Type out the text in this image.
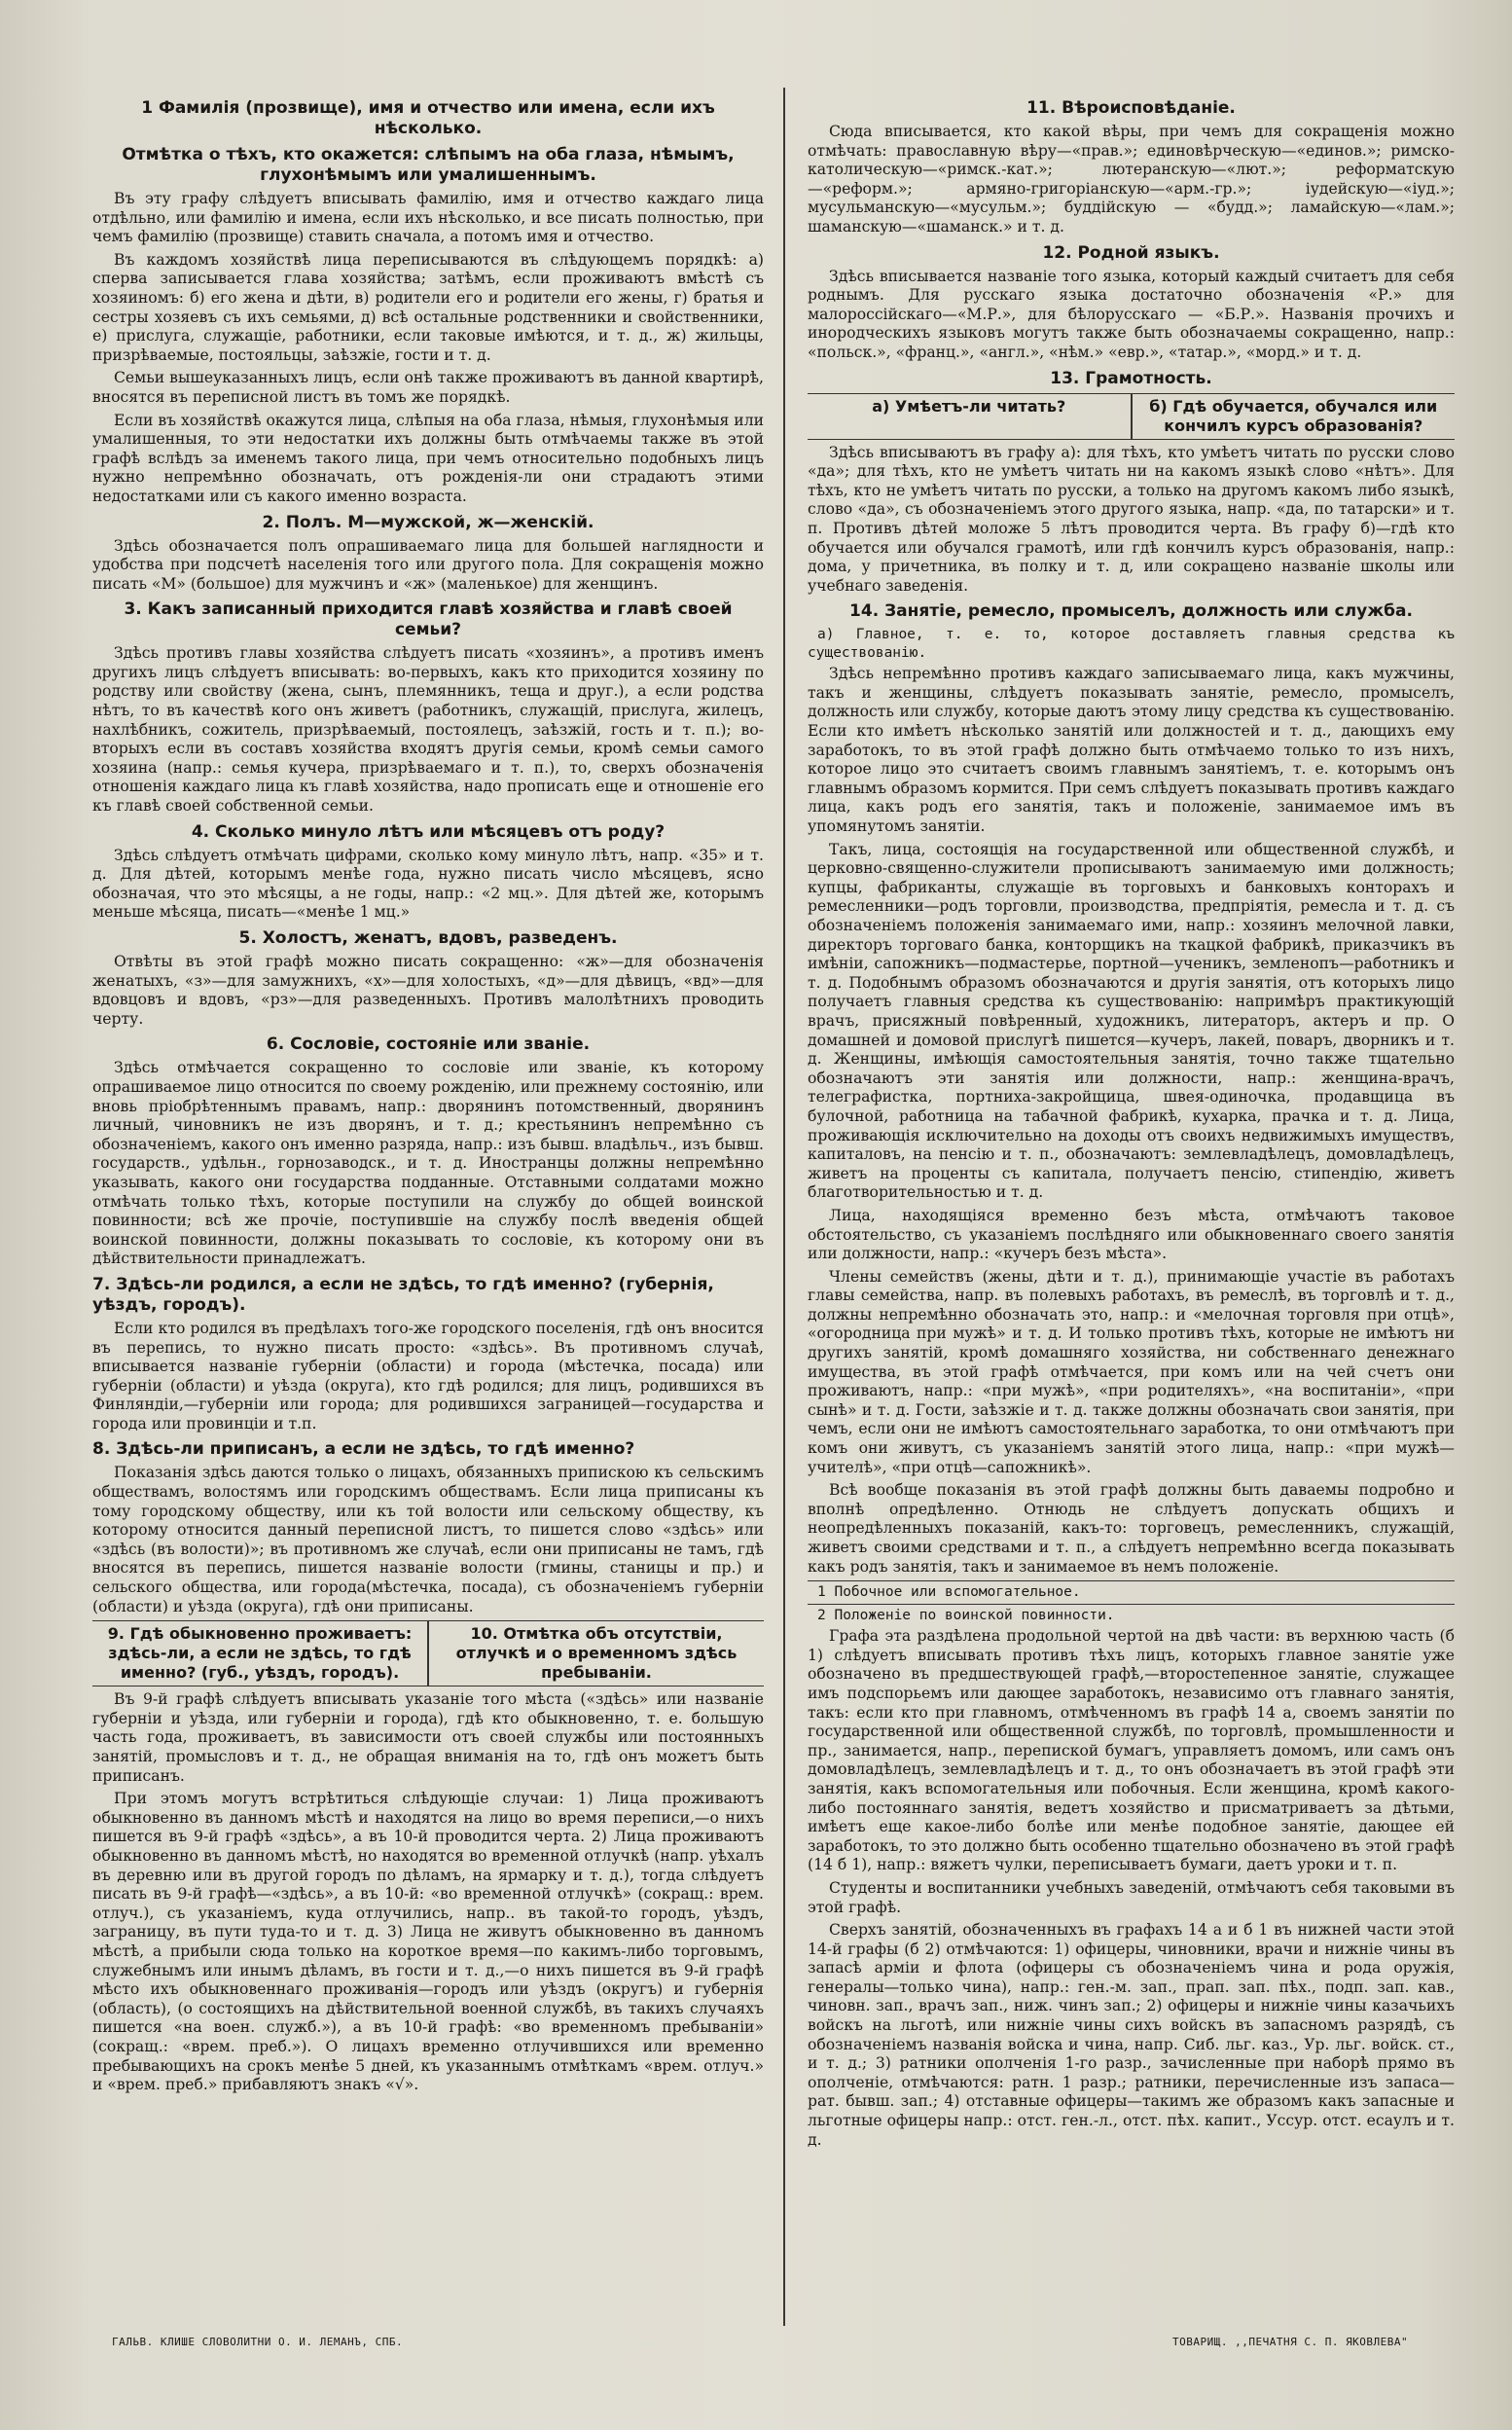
1 Фамилія (прозвище), имя и отчество или имена, если ихъ нѣсколько.
Отмѣтка о тѣхъ, кто окажется: слѣпымъ на оба глаза, нѣмымъ, глухонѣмымъ или умалишеннымъ.

Въ эту графу слѣдуетъ вписывать фамилію, имя и отчество каждаго лица отдѣльно, или фамилію и имена, если ихъ нѣсколько, и все писать полностью, при чемъ фамилію (прозвище) ставить сначала, а потомъ имя и отчество.

Въ каждомъ хозяйствѣ лица переписываются въ слѣдующемъ порядкѣ: а) сперва записывается глава хозяйства; затѣмъ, если проживаютъ вмѣстѣ съ хозяиномъ: б) его жена и дѣти, в) родители его и родители его жены, г) братья и сестры хозяевъ съ ихъ семьями, д) всѣ остальные родственники и свойственники, е) прислуга, служащіе, работники, если таковые имѣются, и т. д., ж) жильцы, призрѣваемые, постояльцы, заѣзжіе, гости и т. д.

Семьи вышеуказанныхъ лицъ, если онѣ также проживаютъ въ данной квартирѣ, вносятся въ переписной листъ въ томъ же порядкѣ.

Если въ хозяйствѣ окажутся лица, слѣпыя на оба глаза, нѣмыя, глухонѣмыя или умалишенныя, то эти недостатки ихъ должны быть отмѣчаемы также въ этой графѣ вслѣдъ за именемъ такого лица, при чемъ относительно подобныхъ лицъ нужно непремѣнно обозначать, отъ рожденія-ли они страдаютъ этими недостатками или съ какого именно возраста.

2. Полъ. М—мужской, ж—женскій.

Здѣсь обозначается полъ опрашиваемаго лица для большей наглядности и удобства при подсчетѣ населенія того или другого пола. Для сокращенія можно писать «М» (большое) для мужчинъ и «ж» (маленькое) для женщинъ.

3. Какъ записанный приходится главѣ хозяйства и главѣ своей семьи?

Здѣсь противъ главы хозяйства слѣдуетъ писать «хозяинъ», а противъ именъ другихъ лицъ слѣдуетъ вписывать: во-первыхъ, какъ кто приходится хозяину по родству или свойству (жена, сынъ, племянникъ, теща и друг.), а если родства нѣтъ, то въ качествѣ кого онъ живетъ (работникъ, служащій, прислуга, жилецъ, нахлѣбникъ, сожитель, призрѣваемый, постоялецъ, заѣзжій, гость и т. п.); во-вторыхъ если въ составъ хозяйства входятъ другія семьи, кромѣ семьи самого хозяина (напр.: семья кучера, призрѣваемаго и т. п.), то, сверхъ обозначенія отношенія каждаго лица къ главѣ хозяйства, надо прописать еще и отношеніе его къ главѣ своей собственной семьи.

4. Сколько минуло лѣтъ или мѣсяцевъ отъ роду?

Здѣсь слѣдуетъ отмѣчать цифрами, сколько кому минуло лѣтъ, напр. «35» и т. д. Для дѣтей, которымъ менѣе года, нужно писать число мѣсяцевъ, ясно обозначая, что это мѣсяцы, а не годы, напр.: «2 мц.». Для дѣтей же, которымъ меньше мѣсяца, писать—«менѣе 1 мц.»

5. Холостъ, женатъ, вдовъ, разведенъ.

Отвѣты въ этой графѣ можно писать сокращенно: «ж»—для обозначенія женатыхъ, «з»—для замужнихъ, «х»—для холостыхъ, «д»—для дѣвицъ, «вд»—для вдовцовъ и вдовъ, «рз»—для разведенныхъ. Противъ малолѣтнихъ проводить черту.

6. Сословіе, состояніе или званіе.

Здѣсь отмѣчается сокращенно то сословіе или званіе, къ которому опрашиваемое лицо относится по своему рожденію, или прежнему состоянію, или вновь пріобрѣтеннымъ правамъ, напр.: дворянинъ потомственный, дворянинъ личный, чиновникъ не изъ дворянъ, и т. д.; крестьянинъ непремѣнно съ обозначеніемъ, какого онъ именно разряда, напр.: изъ бывш. владѣльч., изъ бывш. государств., удѣльн., горнозаводск., и т. д. Иностранцы должны непремѣнно указывать, какого они государства подданные. Отставными солдатами можно отмѣчать только тѣхъ, которые поступили на службу до общей воинской повинности; всѣ же прочіе, поступившіе на службу послѣ введенія общей воинской повинности, должны показывать то сословіе, къ которому они въ дѣйствительности принадлежатъ.

7. Здѣсь-ли родился, а если не здѣсь, то гдѣ именно? (губернія, уѣздъ, городъ).

Если кто родился въ предѣлахъ того-же городского поселенія, гдѣ онъ вносится въ перепись, то нужно писать просто: «здѣсь». Въ противномъ случаѣ, вписывается названіе губерніи (области) и города (мѣстечка, посада) или губерніи (области) и уѣзда (округа), кто гдѣ родился; для лицъ, родившихся въ Финляндіи,—губерніи или города; для родившихся заграницей—государства и города или провинціи и т.п.

8. Здѣсь-ли приписанъ, а если не здѣсь, то гдѣ именно?

Показанія здѣсь даются только о лицахъ, обязанныхъ припискою къ сельскимъ обществамъ, волостямъ или городскимъ обществамъ. Если лица приписаны къ тому городскому обществу, или къ той волости или сельскому обществу, къ которому относится данный переписной листъ, то пишется слово «здѣсь» или «здѣсь (въ волости)»; въ противномъ же случаѣ, если они приписаны не тамъ, гдѣ вносятся въ перепись, пишется названіе волости (гмины, станицы и пр.) и сельского общества, или города(мѣстечка, посада), съ обозначеніемъ губерніи (области) и уѣзда (округа), гдѣ они приписаны.

9. Гдѣ обыкновенно проживаетъ: здѣсь-ли, а если не здѣсь, то гдѣ именно? (губ., уѣздъ, городъ).
10. Отмѣтка объ отсутствіи, отлучкѣ и о временномъ здѣсь пребываніи.

Въ 9-й графѣ слѣдуетъ вписывать указаніе того мѣста («здѣсь» или названіе губерніи и уѣзда, или губерніи и города), гдѣ кто обыкновенно, т. е. большую часть года, проживаетъ, въ зависимости отъ своей службы или постоянныхъ занятій, промысловъ и т. д., не обращая вниманія на то, гдѣ онъ можетъ быть приписанъ.

При этомъ могутъ встрѣтиться слѣдующіе случаи: 1) Лица проживаютъ обыкновенно въ данномъ мѣстѣ и находятся на лицо во время переписи,—о нихъ пишется въ 9-й графѣ «здѣсь», а въ 10-й проводится черта. 2) Лица проживаютъ обыкновенно въ данномъ мѣстѣ, но находятся во временной отлучкѣ (напр. уѣхалъ въ деревню или въ другой городъ по дѣламъ, на ярмарку и т. д.), тогда слѣдуетъ писать въ 9-й графѣ—«здѣсь», а въ 10-й: «во временной отлучкѣ» (сокращ.: врем. отлуч.), съ указаніемъ, куда отлучились, напр.. въ такой-то городъ, уѣздъ, заграницу, въ пути туда-то и т. д. 3) Лица не живутъ обыкновенно въ данномъ мѣстѣ, а прибыли сюда только на короткое время—по какимъ-либо торговымъ, служебнымъ или инымъ дѣламъ, въ гости и т. д.,—о нихъ пишется въ 9-й графѣ мѣсто ихъ обыкновеннаго проживанія—городъ или уѣздъ (округъ) и губернія (область), (о состоящихъ на дѣйствительной военной службѣ, въ такихъ случаяхъ пишется «на воен. служб.»), а въ 10-й графѣ: «во временномъ пребываніи» (сокращ.: «врем. преб.»). О лицахъ временно отлучившихся или временно пребывающихъ на срокъ менѣе 5 дней, къ указаннымъ отмѣткамъ «врем. отлуч.» и «врем. преб.» прибавляютъ знакъ «√».

11. Вѣроисповѣданіе.

Сюда вписывается, кто какой вѣры, при чемъ для сокращенія можно отмѣчать: православную вѣру—«прав.»; единовѣрческую—«единов.»; римско-католическую—«римск.-кат.»; лютеранскую—«лют.»; реформатскую—«реформ.»; армяно-григоріанскую—«арм.-гр.»; іудейскую—«іуд.»; мусульманскую—«мусульм.»; буддійскую — «будд.»; ламайскую—«лам.»; шаманскую—«шаманск.» и т. д.

12. Родной языкъ.

Здѣсь вписывается названіе того языка, который каждый считаетъ для себя роднымъ. Для русскаго языка достаточно обозначенія «Р.» для малороссійскаго—«М.Р.», для бѣлорусскаго — «Б.Р.». Названія прочихъ и инородческихъ языковъ могутъ также быть обозначаемы сокращенно, напр.: «польск.», «франц.», «англ.», «нѣм.» «евр.», «татар.», «морд.» и т. д.

13. Грамотность.
а) Умѣетъ-ли читать?	б) Гдѣ обучается, обучался или кончилъ курсъ образованія?

Здѣсь вписываютъ въ графу а): для тѣхъ, кто умѣетъ читать по русски слово «да»; для тѣхъ, кто не умѣетъ читать ни на какомъ языкѣ слово «нѣтъ». Для тѣхъ, кто не умѣетъ читать по русски, а только на другомъ какомъ либо языкѣ, слово «да», съ обозначеніемъ этого другого языка, напр. «да, по татарски» и т. п. Противъ дѣтей моложе 5 лѣтъ проводится черта. Въ графу б)—гдѣ кто обучается или обучался грамотѣ, или гдѣ кончилъ курсъ образованія, напр.: дома, у причетника, въ полку и т. д, или сокращено названіе школы или учебнаго заведенія.

14. Занятіе, ремесло, промыселъ, должность или служба.
а) Главное, т. е. то, которое доставляетъ главныя средства къ существованію.

Здѣсь непремѣнно противъ каждаго записываемаго лица, какъ мужчины, такъ и женщины, слѣдуетъ показывать занятіе, ремесло, промыселъ, должность или службу, которые даютъ этому лицу средства къ существованію. Если кто имѣетъ нѣсколько занятій или должностей и т. д., дающихъ ему заработокъ, то въ этой графѣ должно быть отмѣчаемо только то изъ нихъ, которое лицо это считаетъ своимъ главнымъ занятіемъ, т. е. которымъ онъ главнымъ образомъ кормится. При семъ слѣдуетъ показывать противъ каждаго лица, какъ родъ его занятія, такъ и положеніе, занимаемое имъ въ упомянутомъ занятіи.

Такъ, лица, состоящія на государственной или общественной службѣ, и церковно-священно-служители прописываютъ занимаемую ими должность; купцы, фабриканты, служащіе въ торговыхъ и банковыхъ конторахъ и ремесленники—родъ торговли, производства, предпріятія, ремесла и т. д. съ обозначеніемъ положенія занимаемаго ими, напр.: хозяинъ мелочной лавки, директоръ торговаго банка, конторщикъ на ткацкой фабрикѣ, приказчикъ въ имѣніи, сапожникъ—подмастерье, портной—ученикъ, земленопъ—работникъ и т. д. Подобнымъ образомъ обозначаются и другія занятія, отъ которыхъ лицо получаетъ главныя средства къ существованію: напримѣръ практикующій врачъ, присяжный повѣренный, художникъ, литераторъ, актеръ и пр. О домашней и домовой прислугѣ пишется—кучеръ, лакей, поваръ, дворникъ и т. д. Женщины, имѣющія самостоятельныя занятія, точно также тщательно обозначаютъ эти занятія или должности, напр.: женщина-врачъ, телеграфистка, портниха-закройщица, швея-одиночка, продавщица въ булочной, работница на табачной фабрикѣ, кухарка, прачка и т. д. Лица, проживающія исключительно на доходы отъ своихъ недвижимыхъ имуществъ, капиталовъ, на пенсію и т. п., обозначаютъ: землевладѣлецъ, домовладѣлецъ, живетъ на проценты съ капитала, получаетъ пенсію, стипендію, живетъ благотворительностью и т. д.

Лица, находящіяся временно безъ мѣста, отмѣчаютъ таковое обстоятельство, съ указаніемъ послѣдняго или обыкновеннаго своего занятія или должности, напр.: «кучеръ безъ мѣста».

Члены семействъ (жены, дѣти и т. д.), принимающіе участіе въ работахъ главы семейства, напр. въ полевыхъ работахъ, въ ремеслѣ, въ торговлѣ и т. д., должны непремѣнно обозначать это, напр.: и «мелочная торговля при отцѣ», «огородница при мужѣ» и т. д. И только противъ тѣхъ, которые не имѣютъ ни другихъ занятій, кромѣ домашняго хозяйства, ни собственнаго денежнаго имущества, въ этой графѣ отмѣчается, при комъ или на чей счетъ они проживаютъ, напр.: «при мужѣ», «при родителяхъ», «на воспитаніи», «при сынѣ» и т. д. Гости, заѣзжіе и т. д. также должны обозначать свои занятія, при чемъ, если они не имѣютъ самостоятельнаго заработка, то они отмѣчаютъ при комъ они живутъ, съ указаніемъ занятій этого лица, напр.: «при мужѣ—учителѣ», «при отцѣ—сапожникѣ».

Всѣ вообще показанія въ этой графѣ должны быть даваемы подробно и вполнѣ опредѣленно. Отнюдь не слѣдуетъ допускать общихъ и неопредѣленныхъ показаній, какъ-то: торговецъ, ремесленникъ, служащій, живетъ своими средствами и т. п., а слѣдуетъ непремѣнно всегда показывать какъ родъ занятія, такъ и занимаемое въ немъ положеніе.

1 Побочное или вспомогательное.
2 Положеніе по воинской повинности.

Графа эта раздѣлена продольной чертой на двѣ части: въ верхнюю часть (б 1) слѣдуетъ вписывать противъ тѣхъ лицъ, которыхъ главное занятіе уже обозначено въ предшествующей графѣ,—второстепенное занятіе, служащее имъ подспорьемъ или дающее заработокъ, независимо отъ главнаго занятія, такъ: если кто при главномъ, отмѣченномъ въ графѣ 14 а, своемъ занятіи по государственной или общественной службѣ, по торговлѣ, промышленности и пр., занимается, напр., перепиской бумагъ, управляетъ домомъ, или самъ онъ домовладѣлецъ, землевладѣлецъ и т. д., то онъ обозначаетъ въ этой графѣ эти занятія, какъ вспомогательныя или побочныя. Если женщина, кромѣ какого-либо постояннаго занятія, ведетъ хозяйство и присматриваетъ за дѣтьми, имѣетъ еще какое-либо болѣе или менѣе подобное занятіе, дающее ей заработокъ, то это должно быть особенно тщательно обозначено въ этой графѣ (14 б 1), напр.: вяжетъ чулки, переписываетъ бумаги, даетъ уроки и т. п.

Студенты и воспитанники учебныхъ заведеній, отмѣчаютъ себя таковыми въ этой графѣ.

Сверхъ занятій, обозначенныхъ въ графахъ 14 а и б 1 въ нижней части этой 14-й графы (б 2) отмѣчаются: 1) офицеры, чиновники, врачи и нижніе чины въ запасѣ арміи и флота (офицеры съ обозначеніемъ чина и рода оружія, генералы—только чина), напр.: ген.-м. зап., прап. зап. пѣх., подп. зап. кав., чиновн. зап., врачъ зап., ниж. чинъ зап.; 2) офицеры и нижніе чины казачьихъ войскъ на льготѣ, или нижніе чины сихъ войскъ въ запасномъ разрядѣ, съ обозначеніемъ названія войска и чина, напр. Сиб. льг. каз., Ур. льг. войск. ст., и т. д.; 3) ратники ополченія 1-го разр., зачисленные при наборѣ прямо въ ополченіе, отмѣчаются: ратн. 1 разр.; ратники, перечисленные изъ запаса—рат. бывш. зап.; 4) отставные офицеры—такимъ же образомъ какъ запасные и льготные офицеры напр.: отст. ген.-л., отст. пѣх. капит., Уссур. отст. есаулъ и т. д.

ГАЛЬВ. КЛИШЕ СЛОВОЛИТНИ О. И. ЛЕМАНЪ, СПБ.	ТОВАРИЩ. ,,ПЕЧАТНЯ С. П. ЯКОВЛЕВА"
